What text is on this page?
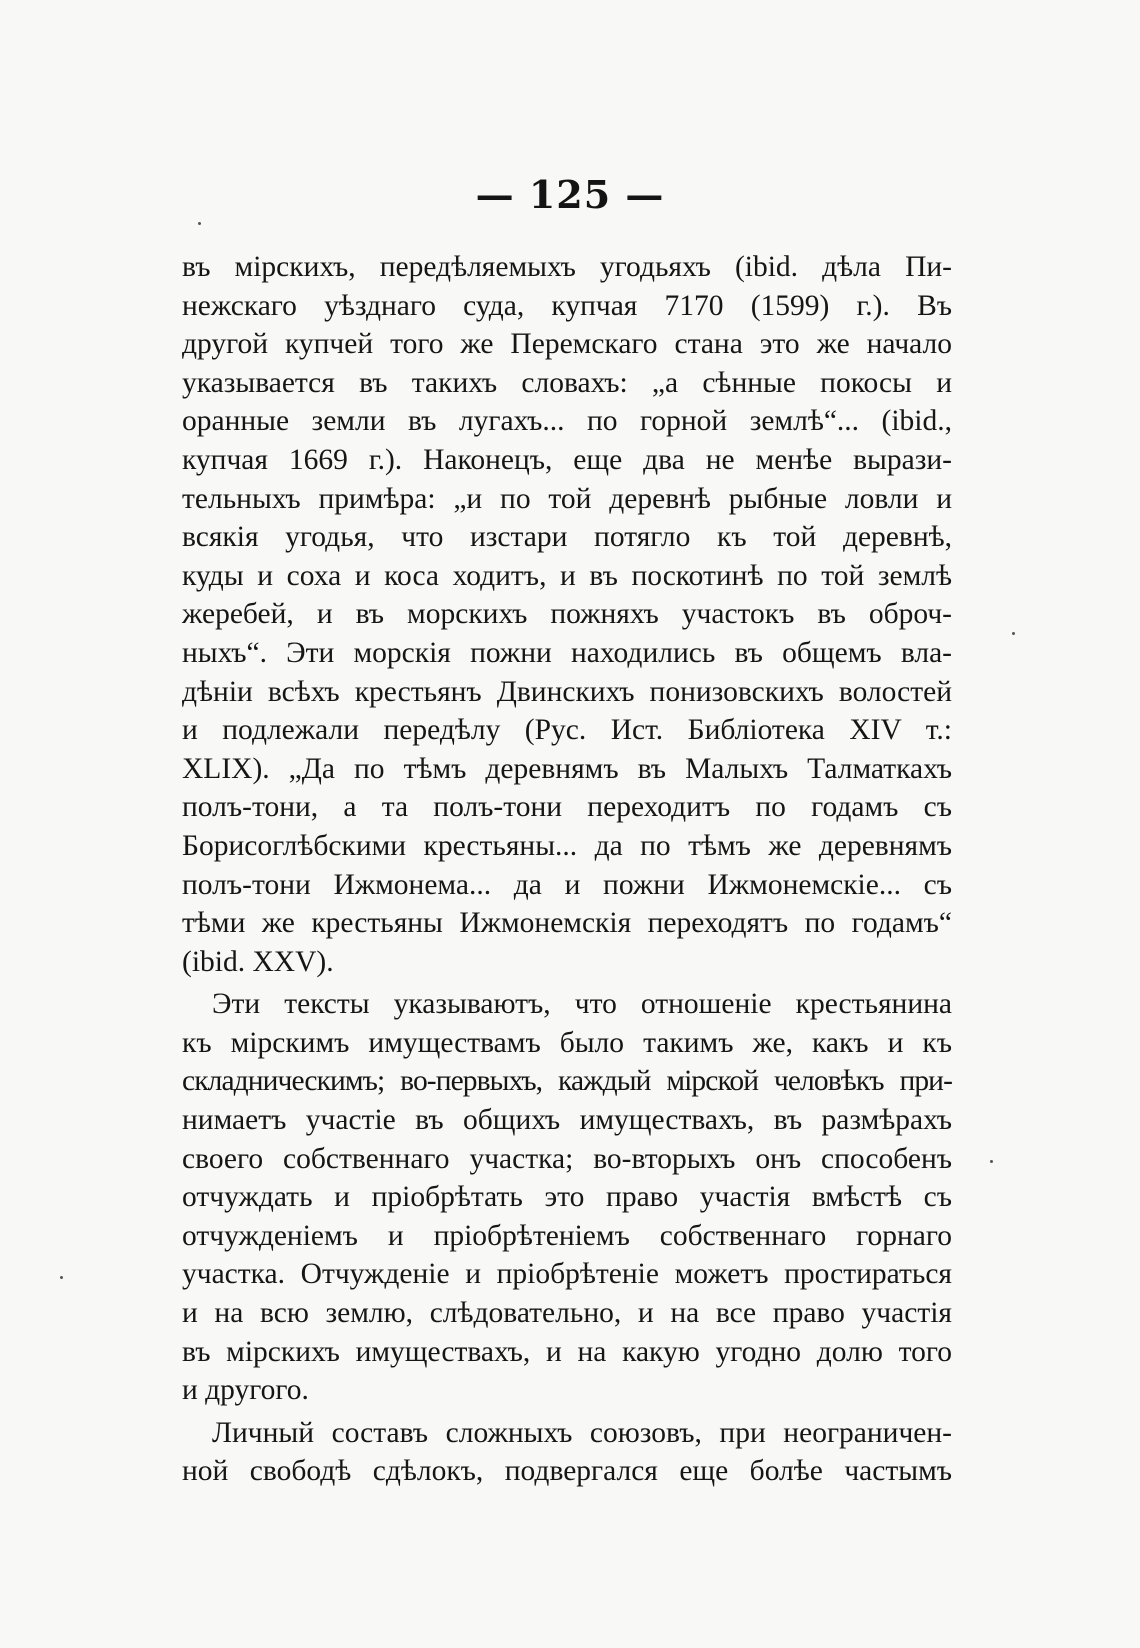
— 125 —
въ мірскихъ, передѣляемыхъ угодьяхъ (ibid. дѣла Пи-
нежскаго уѣзднаго суда, купчая 7170 (1599) г.). Въ
другой купчей того же Перемскаго стана это же начало
указывается въ такихъ словахъ: „а сѣнные покосы и
оранные земли въ лугахъ... по горной землѣ“... (ibid.,
купчая 1669 г.). Наконецъ, еще два не менѣе вырази-
тельныхъ примѣра: „и по той деревнѣ рыбные ловли и
всякія угодья, что изстари потягло къ той деревнѣ,
куды и соха и коса ходитъ, и въ поскотинѣ по той землѣ
жеребей, и въ морскихъ пожняхъ участокъ въ оброч-
ныхъ“. Эти морскія пожни находились въ общемъ вла-
дѣніи всѣхъ крестьянъ Двинскихъ понизовскихъ волостей
и подлежали передѣлу (Рус. Ист. Библіотека XIV т.:
XLIX). „Да по тѣмъ деревнямъ въ Малыхъ Талматкахъ
полъ-тони, а та полъ-тони переходитъ по годамъ съ
Борисоглѣбскими крестьяны... да по тѣмъ же деревнямъ
полъ-тони Ижмонема... да и пожни Ижмонемскіе... съ
тѣми же крестьяны Ижмонемскія переходятъ по годамъ“
(ibid. XXV).
Эти тексты указываютъ, что отношеніе крестьянина
къ мірскимъ имуществамъ было такимъ же, какъ и къ
складническимъ; во-первыхъ, каждый мірской человѣкъ при-
нимаетъ участіе въ общихъ имуществахъ, въ размѣрахъ
своего собственнаго участка; во-вторыхъ онъ способенъ
отчуждать и пріобрѣтать это право участія вмѣстѣ съ
отчужденіемъ и пріобрѣтеніемъ собственнаго горнаго
участка. Отчужденіе и пріобрѣтеніе можетъ простираться
и на всю землю, слѣдовательно, и на все право участія
въ мірскихъ имуществахъ, и на какую угодно долю того
и другого.
Личный составъ сложныхъ союзовъ, при неограничен-
ной свободѣ сдѣлокъ, подвергался еще болѣе частымъ
